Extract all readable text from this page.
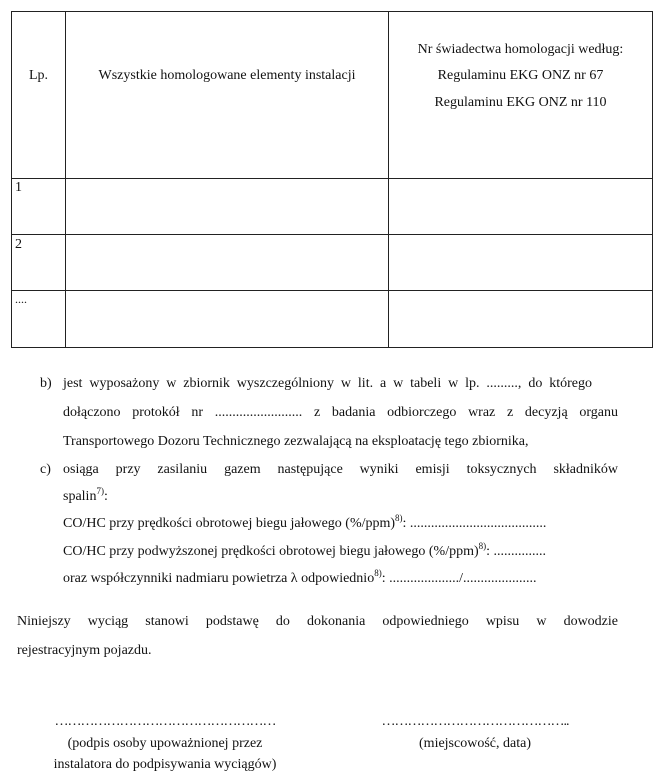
Lp.	Wszystkie homologowane elementy instalacji
Nr świadectwa homologacji według:
Regulaminu EKG ONZ nr 67
Regulaminu EKG ONZ nr 110
1
2
....
b) jest wyposażony w zbiornik wyszczególniony w lit. a w tabeli w lp. ........., do którego
dołączono protokół nr ......................... z badania odbiorczego wraz z decyzją organu
Transportowego Dozoru Technicznego zezwalającą na eksploatację tego zbiornika,
c) osiąga przy zasilaniu gazem następujące wyniki emisji toksycznych składników
spalin$^{7)}$:
CO/HC przy prędkości obrotowej biegu jałowego $(\%/ppm)^{8)}$: .......................................
CO/HC przy podwyższonej prędkości obrotowej biegu jałowego $(\%/ppm)^{8)}$: ...............
oraz współczynniki nadmiaru powietrza λ odpowiednio$^{8)}$: ..................../.....................
Niniejszy wyciąg stanowi podstawę do dokonania odpowiedniego wpisu w dowodzie
rejestracyjnym pojazdu.
……………………………………………
(podpis osoby upoważnionej przez
instalatora do podpisywania wyciągów)
……………………………………..
(miejscowość, data)
